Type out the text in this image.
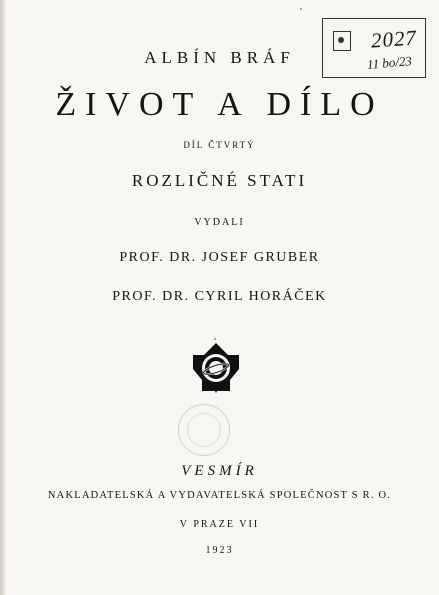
ALBÍN BRÁF
ŽIVOT A DÍLO
DÍL ČTVRTÝ
ROZLIČNÉ STATI
VYDALI
PROF. DR. JOSEF GRUBER
PROF. DR. CYRIL HORÁČEK
VESMÍR
NAKLADATELSKÁ A VYDAVATELSKÁ SPOLEČNOST S R. O.
V PRAZE VII
1923
2027
11 bo/23
